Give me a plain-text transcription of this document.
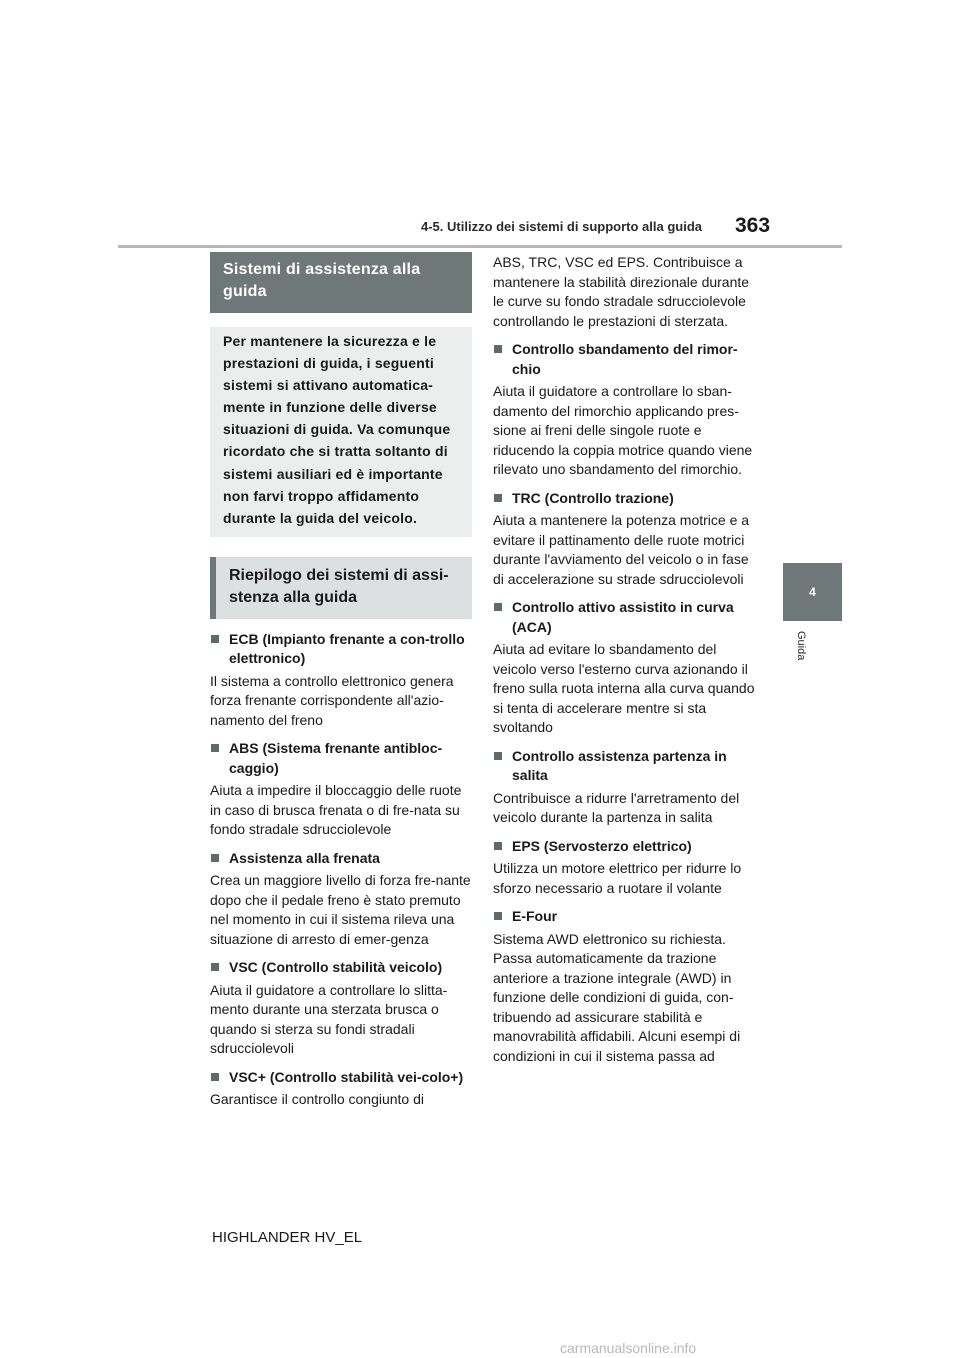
4-5. Utilizzo dei sistemi di supporto alla guida 363
4
Guida
Sistemi di assistenza alla guida
Per mantenere la sicurezza e le prestazioni di guida, i seguenti sistemi si attivano automatica-mente in funzione delle diverse situazioni di guida. Va comunque ricordato che si tratta soltanto di sistemi ausiliari ed è importante non farvi troppo affidamento durante la guida del veicolo.
Riepilogo dei sistemi di assi-stenza alla guida
ECB (Impianto frenante a con-trollo elettronico)

Il sistema a controllo elettronico genera forza frenante corrispondente all'azio-namento del freno

ABS (Sistema frenante antibloc-caggio)

Aiuta a impedire il bloccaggio delle ruote in caso di brusca frenata o di fre-nata su fondo stradale sdrucciolevole

Assistenza alla frenata

Crea un maggiore livello di forza fre-nante dopo che il pedale freno è stato premuto nel momento in cui il sistema rileva una situazione di arresto di emer-genza

VSC (Controllo stabilità veicolo)

Aiuta il guidatore a controllare lo slitta-mento durante una sterzata brusca o quando si sterza su fondi stradali sdrucciolevoli

VSC+ (Controllo stabilità vei-colo+)

Garantisce il controllo congiunto di

ABS, TRC, VSC ed EPS. Contribuisce a mantenere la stabilità direzionale durante le curve su fondo stradale sdrucciolevole controllando le prestazioni di sterzata.

Controllo sbandamento del rimor-chio

Aiuta il guidatore a controllare lo sban-damento del rimorchio applicando pres-sione ai freni delle singole ruote e riducendo la coppia motrice quando viene rilevato uno sbandamento del rimorchio.

TRC (Controllo trazione)

Aiuta a mantenere la potenza motrice e a evitare il pattinamento delle ruote motrici durante l'avviamento del veicolo o in fase di accelerazione su strade sdrucciolevoli

Controllo attivo assistito in curva (ACA)

Aiuta ad evitare lo sbandamento del veicolo verso l'esterno curva azionando il freno sulla ruota interna alla curva quando si tenta di accelerare mentre si sta svoltando

Controllo assistenza partenza in salita

Contribuisce a ridurre l'arretramento del veicolo durante la partenza in salita

EPS (Servosterzo elettrico)

Utilizza un motore elettrico per ridurre lo sforzo necessario a ruotare il volante

E-Four

Sistema AWD elettronico su richiesta. Passa automaticamente da trazione anteriore a trazione integrale (AWD) in funzione delle condizioni di guida, con-tribuendo ad assicurare stabilità e manovrabilità affidabili. Alcuni esempi di condizioni in cui il sistema passa ad

HIGHLANDER HV_EL
carmanualsonline.info
